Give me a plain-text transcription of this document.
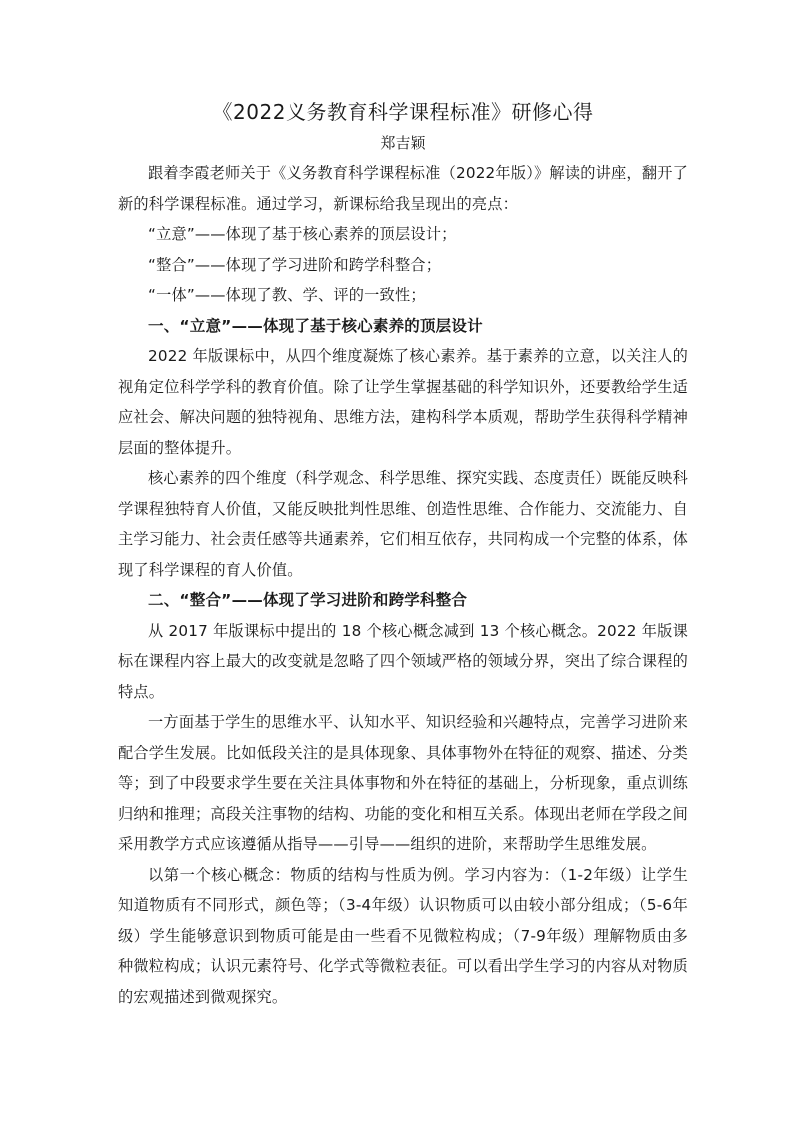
《2022义务教育科学课程标准》研修心得

郑吉颖

跟着李霞老师关于《义务教育科学课程标准（2022年版）》解读的讲座，翻开了新的科学课程标准。通过学习，新课标给我呈现出的亮点：

“立意”——体现了基于核心素养的顶层设计；

“整合”——体现了学习进阶和跨学科整合；

“一体”——体现了教、学、评的一致性；

一、“立意”——体现了基于核心素养的顶层设计

2022 年版课标中，从四个维度凝炼了核心素养。基于素养的立意，以关注人的视角定位科学学科的教育价值。除了让学生掌握基础的科学知识外，还要教给学生适应社会、解决问题的独特视角、思维方法，建构科学本质观，帮助学生获得科学精神层面的整体提升。

核心素养的四个维度（科学观念、科学思维、探究实践、态度责任）既能反映科学课程独特育人价值，又能反映批判性思维、创造性思维、合作能力、交流能力、自主学习能力、社会责任感等共通素养，它们相互依存，共同构成一个完整的体系，体现了科学课程的育人价值。

二、“整合”——体现了学习进阶和跨学科整合

从 2017 年版课标中提出的 18 个核心概念减到 13 个核心概念。2022 年版课标在课程内容上最大的改变就是忽略了四个领域严格的领域分界，突出了综合课程的特点。

一方面基于学生的思维水平、认知水平、知识经验和兴趣特点，完善学习进阶来配合学生发展。比如低段关注的是具体现象、具体事物外在特征的观察、描述、分类等；到了中段要求学生要在关注具体事物和外在特征的基础上，分析现象，重点训练归纳和推理；高段关注事物的结构、功能的变化和相互关系。体现出老师在学段之间采用教学方式应该遵循从指导——引导——组织的进阶，来帮助学生思维发展。

以第一个核心概念：物质的结构与性质为例。学习内容为：（1-2年级）让学生知道物质有不同形式，颜色等；（3-4年级）认识物质可以由较小部分组成；（5-6年级）学生能够意识到物质可能是由一些看不见微粒构成；（7-9年级）理解物质由多种微粒构成；认识元素符号、化学式等微粒表征。可以看出学生学习的内容从对物质的宏观描述到微观探究。
